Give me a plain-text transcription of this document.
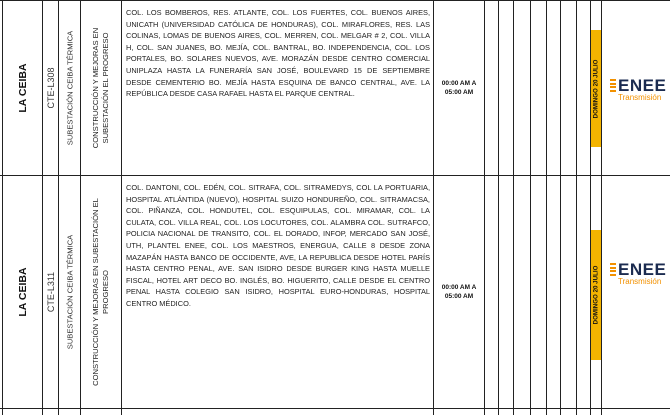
LA CEIBA CTE-L308 SUBESTACIÓN CEIBA TÉRMICA CONSTRUCCIÓN Y MEJORAS EN SUBESTACIÓN EL PROGRESO
COL. LOS BOMBEROS, RES. ATLANTE, COL. LOS FUERTES, COL. BUENOS AIRES, UNICATH (UNIVERSIDAD CATÓLICA DE HONDURAS), COL. MIRAFLORES, RES. LAS COLINAS, LOMAS DE BUENOS AIRES, COL. MERREN, COL. MELGAR # 2, COL. VILLA H, COL. SAN JUANES, BO. MEJÍA, COL. BANTRAL, BO. INDEPENDENCIA, COL. LOS PORTALES, BO. SOLARES NUEVOS, AVE. MORAZÁN DESDE CENTRO COMERCIAL UNIPLAZA HASTA LA FUNERARÍA SAN JOSÉ, BOULEVARD 15 DE SEPTIEMBRE DESDE CEMENTERIO BO. MEJÍA HASTA ESQUINA DE BANCO CENTRAL, AVE. LA REPÚBLICA DESDE CASA RAFAEL HASTA EL PARQUE CENTRAL.
00:00 AM A
05:00 AM	DOMINGO 20 JULIO ENEE
Transmisión
LA CEIBA CTE-L311 SUBESTACIÓN CEIBA TÉRMICA CONSTRUCCIÓN Y MEJORAS EN SUBESTACIÓN EL PROGRESO
COL. DANTONI, COL. EDÉN, COL. SITRAFA, COL. SITRAMEDYS, COL LA PORTUARIA, HOSPITAL ATLÁNTIDA (NUEVO), HOSPITAL SUIZO HONDUREÑO, COL. SITRAMACSA, COL. PIÑANZA, COL. HONDUTEL, COL. ESQUIPULAS, COL. MIRAMAR, COL. LA CULATA, COL. VILLA REAL, COL. LOS LOCUTORES, COL. ALAMBRA COL. SUTRAFCO, POLICIA NACIONAL DE TRANSITO, COL. EL DORADO, INFOP, MERCADO SAN JOSÉ, UTH, PLANTEL ENEE, COL. LOS MAESTROS, ENERGUA, CALLE 8 DESDE ZONA MAZAPÁN HASTA BANCO DE OCCIDENTE, AVE, LA REPUBLICA DESDE HOTEL PARÍS HASTA CENTRO PENAL, AVE. SAN ISIDRO DESDE BURGER KING HASTA MUELLE FISCAL, HOTEL ART DECO BO. INGLÉS, BO. HIGUERITO, CALLE DESDE EL CENTRO PENAL HASTA COLEGIO SAN ISIDRO, HOSPITAL EURO-HONDURAS, HOSPITAL CENTRO MÉDICO.
00:00 AM A
05:00 AM	DOMINGO 20 JULIO ENEE
Transmisión
